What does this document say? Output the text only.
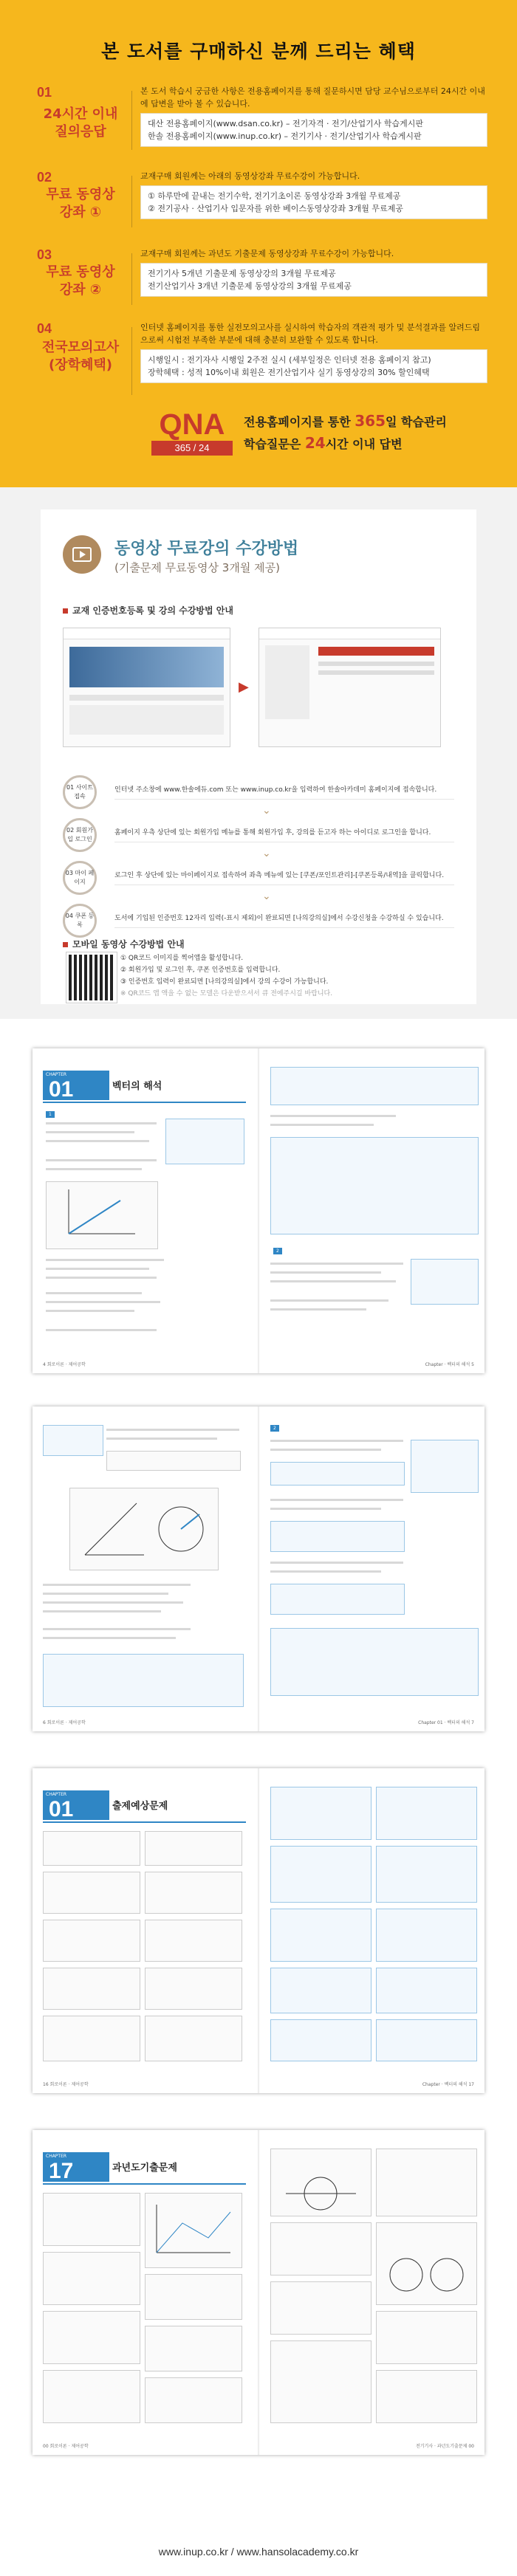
본 도서를 구매하신 분께 드리는 혜택
01
24시간 이내
질의응답
본 도서 학습시 궁금한 사항은 전용홈페이지를 통해 질문하시면 담당 교수님으로부터 24시간 이내에 답변을 받아 볼 수 있습니다.
대산 전용홈페이지(www.dsan.co.kr) – 전기자격 · 전기/산업기사 학습게시판
한솔 전용홈페이지(www.inup.co.kr) – 전기기사 · 전기/산업기사 학습게시판
02
무료 동영상
강좌 ①
교재구매 회원께는 아래의 동영상강좌 무료수강이 가능합니다.
① 하루만에 끝내는 전기수학, 전기기초이론 동영상강좌 3개월 무료제공
② 전기공사 · 산업기사 입문자를 위한 베이스동영상강좌 3개월 무료제공
03
무료 동영상
강좌 ②
교재구매 회원께는 과년도 기출문제 동영상강좌 무료수강이 가능합니다.
전기기사 5개년 기출문제 동영상강의 3개월 무료제공
전기산업기사 3개년 기출문제 동영상강의 3개월 무료제공
04
전국모의고사
(장학혜택)
인터넷 홈페이지를 통한 실전모의고사를 실시하여 학습자의 객관적 평가 및 분석결과를 알려드림으로써 시험전 부족한 부분에 대해 충분히 보완할 수 있도록 합니다.
시행일시 : 전기자사 시행일 2주전 실시 (세부일정은 인터넷 전용 홈페이지 참고)
장학혜택 : 성적 10%이내 회원은 전기산업기사 실기 동영상강의 30% 할인혜택
QNA
365 / 24
전용홈페이지를 통한 365일 학습관리
학습질문은 24시간 이내 답변
동영상 무료강의 수강방법
(기출문제 무료동영상 3개월 제공)
교재 인증번호등록 및 강의 수강방법 안내
▶
01 사이트 접속
인터넷 주소창에 www.한솔에듀.com 또는 www.inup.co.kr을 입력하여 한솔아카데미 홈페이지에 접속합니다.
⌄
02 회원가입 로그인
홈페이지 우측 상단에 있는 회원가입 메뉴를 통해 회원가입 후, 강의를 듣고자 하는 아이디로 로그인을 합니다.
⌄
03 마이 페이지
로그인 후 상단에 있는 마이페이지로 접속하여 좌측 메뉴에 있는 [쿠폰/포인트관리]-[쿠폰등록/내역]을 클릭합니다.
⌄
04 쿠폰 등록
도서에 기입된 인증번호 12자리 입력(-표시 제외)이 완료되면 [나의강의실]에서 수강신청을 수강하실 수 있습니다.
모바일 동영상 수강방법 안내
① QR코드 이미지를 찍어앱을 활성합니다.
② 회원가입 및 로그인 후, 쿠폰 인증번호를 입력합니다.
③ 인증번호 입력이 완료되면 [나의강의실]에서 강의 수강이 가능합니다.
※ QR코드 앱 액을 수 없는 모델은 다운받으셔서 큐 전에주시길 바랍니다.
CHAPTER
01	벡터의 해석
1
4 회로이론 · 제어공학
2
Chapter · 벡터의 해석 5
6 회로이론 · 제어공학
2
Chapter 01 · 벡터의 해석 7
CHAPTER
01	출제예상문제
16 회로이론 · 제어공학	Chapter · 벡터의 해석 17
CHAPTER
17	과년도기출문제
00 회로이론 · 제어공학	전기기사 · 과년도기출문제 00
www.inup.co.kr / www.hansolacademy.co.kr
